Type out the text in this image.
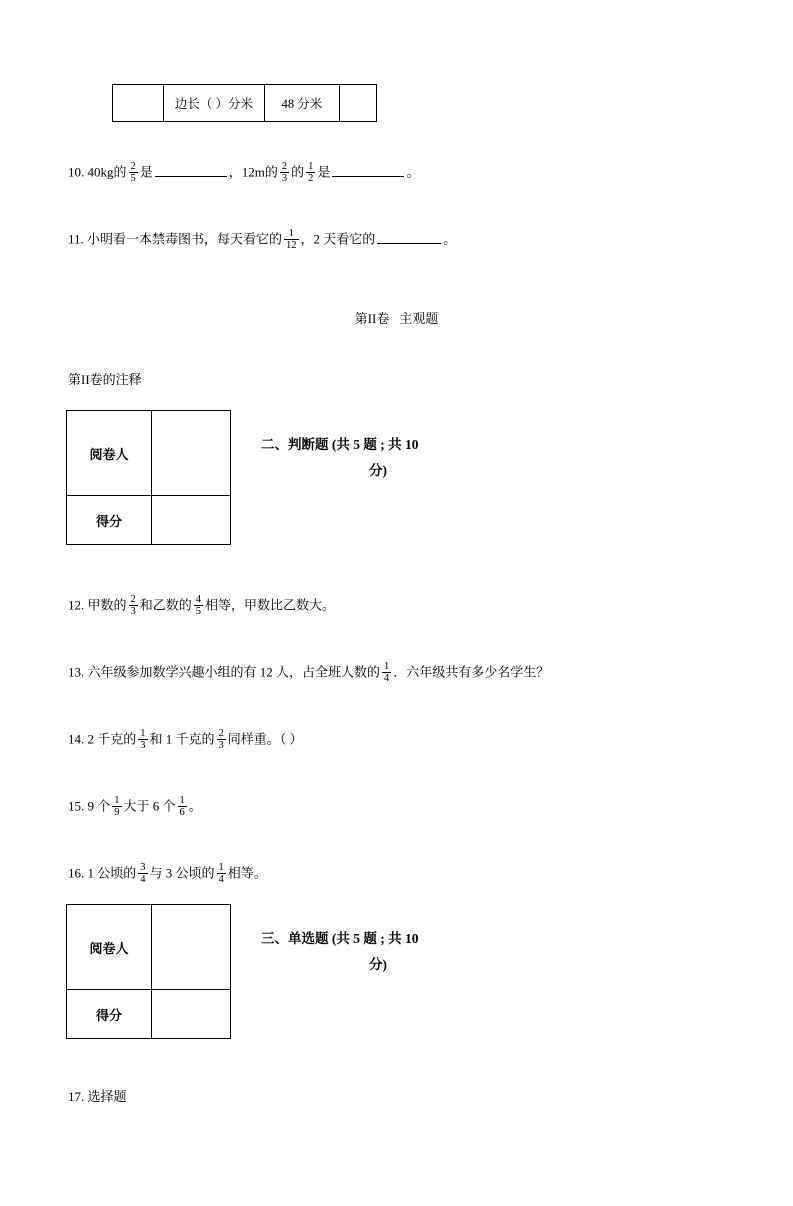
	边长（ ）分米	48 分米	
10. 40kg的 $\frac{2}{5}$ 是	，12m的 $\frac{2}{3}$ 的 $\frac{1}{2}$ 是	。
11. 小明看一本禁毒图书，每天看它的 $\frac{1}{12}$ ，2 天看它的	。
第II卷 主观题
第II卷的注释
阅卷人	
得分	
二、判断题 (共 5 题 ; 共 10
分)
12. 甲数的 $\frac{2}{3}$ 和乙数的 $\frac{4}{5}$ 相等，甲数比乙数大。
13. 六年级参加数学兴趣小组的有 12 人，占全班人数的 $\frac{1}{4}$ ．六年级共有多少名学生？
14. 2 千克的 $\frac{1}{3}$ 和 1 千克的 $\frac{2}{3}$ 同样重。（ ）
15. 9 个 $\frac{1}{9}$ 大于 6 个 $\frac{1}{6}$ 。
16. 1 公顷的 $\frac{3}{4}$ 与 3 公顷的 $\frac{1}{4}$ 相等。
阅卷人	
得分	
三、单选题 (共 5 题 ; 共 10
分)
17. 选择题
